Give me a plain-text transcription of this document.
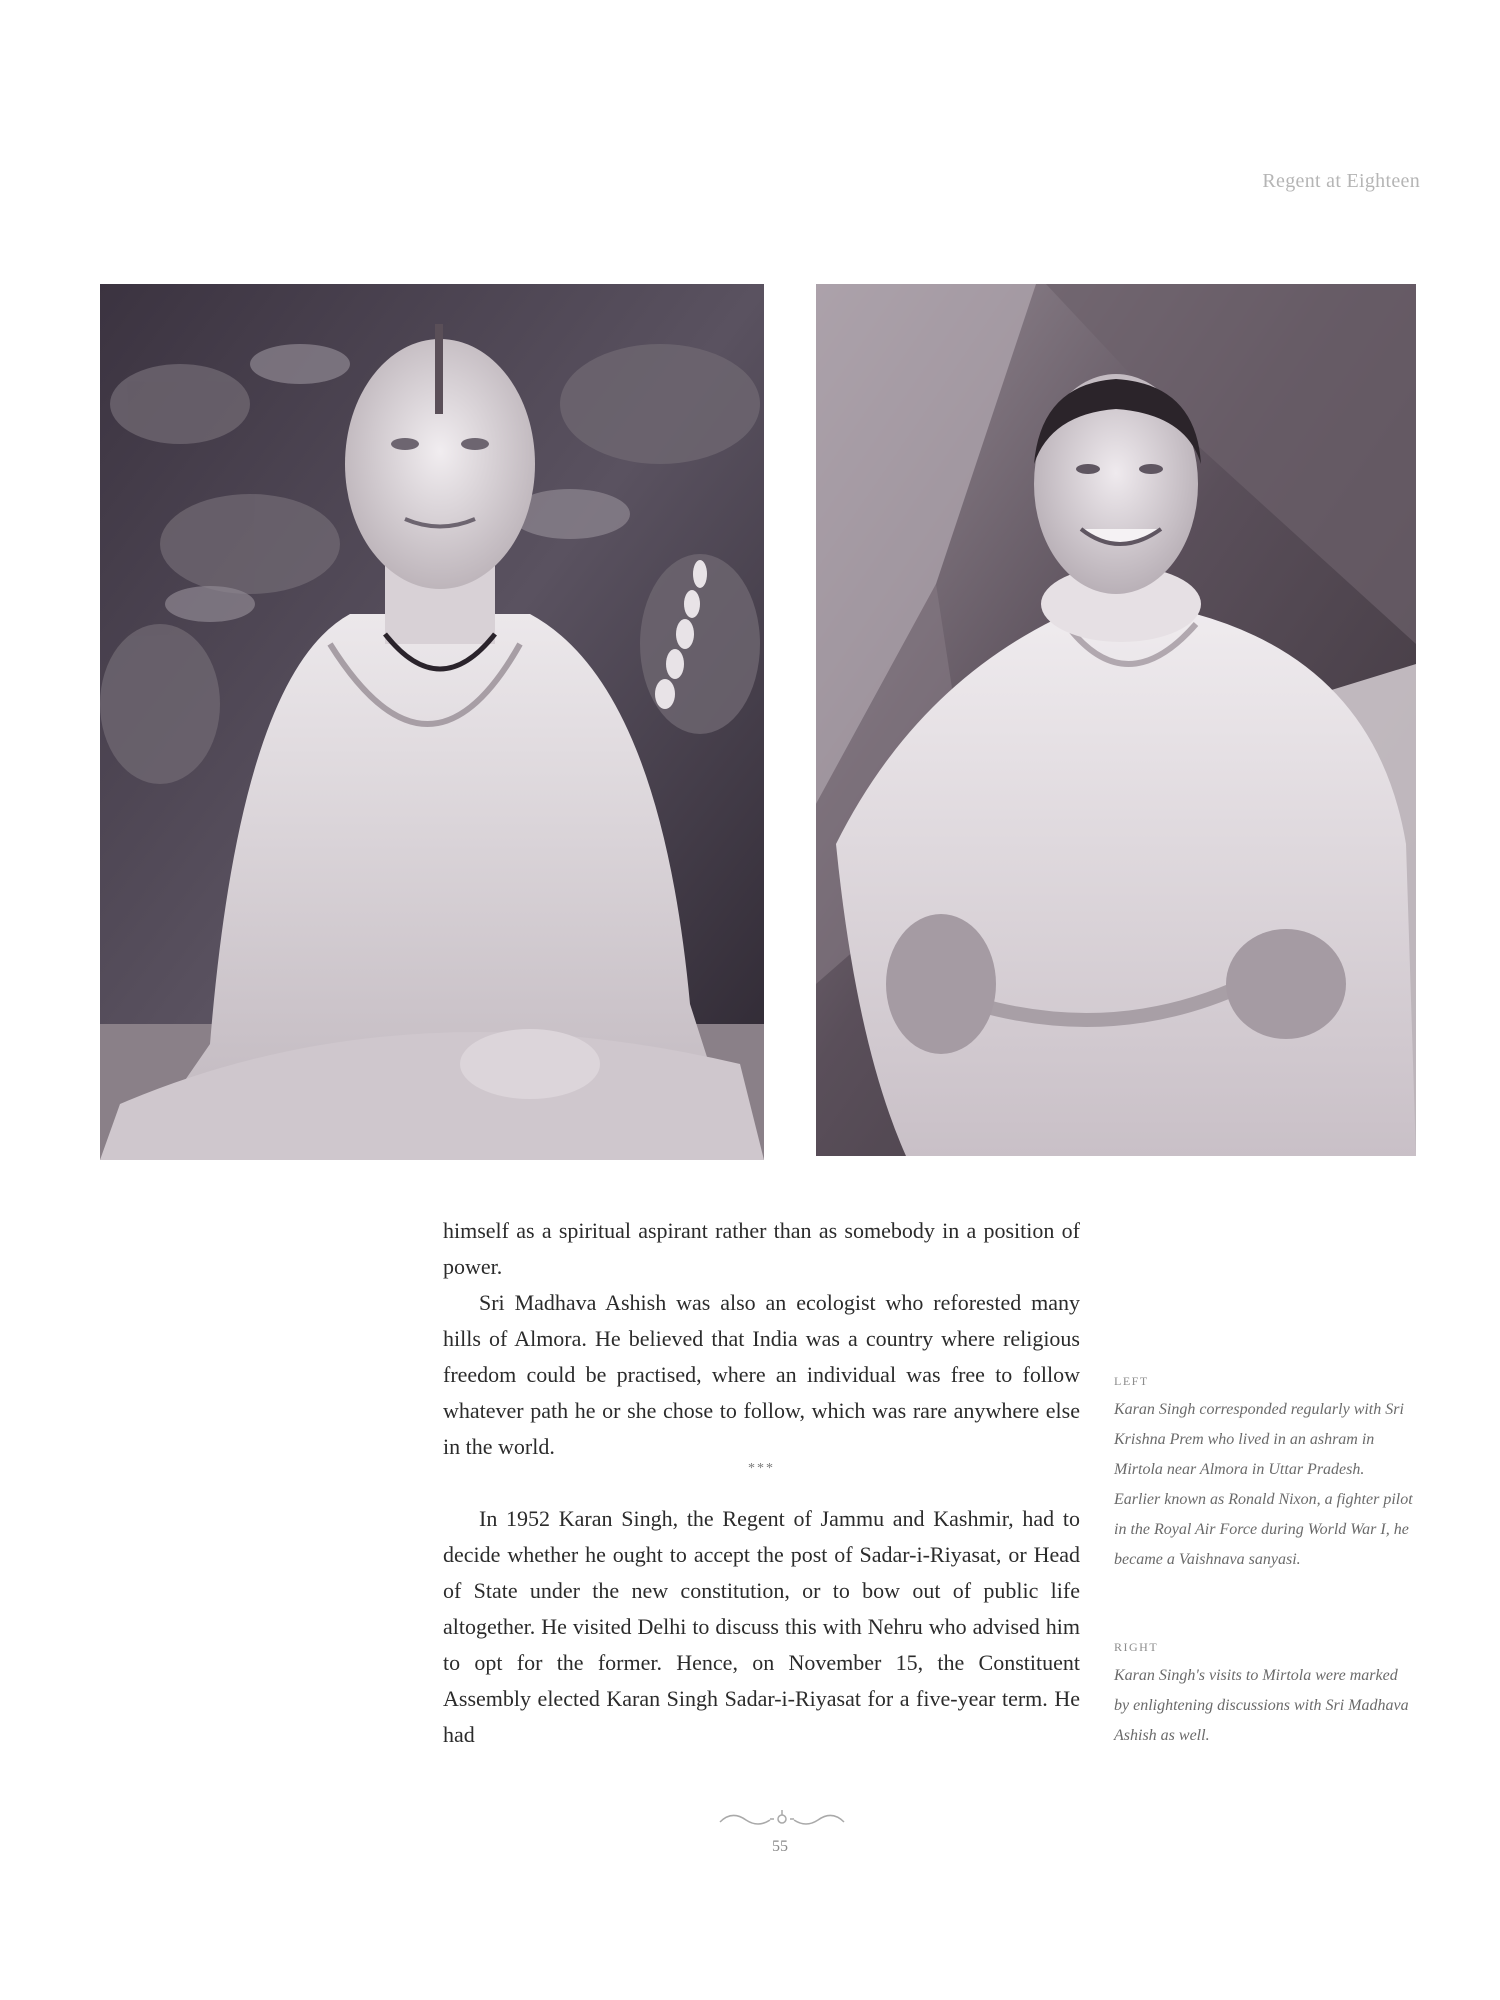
Regent at Eighteen

himself as a spiritual aspirant rather than as somebody in a position of power.

Sri Madhava Ashish was also an ecologist who reforested many hills of Almora. He believed that India was a country where religious freedom could be practised, where an individual was free to follow whatever path he or she chose to follow, which was rare anywhere else in the world.

***

In 1952 Karan Singh, the Regent of Jammu and Kashmir, had to decide whether he ought to accept the post of Sadar-i-Riyasat, or Head of State under the new constitution, or to bow out of public life altogether. He visited Delhi to discuss this with Nehru who advised him to opt for the former. Hence, on November 15, the Constituent Assembly elected Karan Singh Sadar-i-Riyasat for a five-year term. He had

LEFT
Karan Singh corresponded regularly with Sri Krishna Prem who lived in an ashram in Mirtola near Almora in Uttar Pradesh. Earlier known as Ronald Nixon, a fighter pilot in the Royal Air Force during World War I, he became a Vaishnava sanyasi.
RIGHT
Karan Singh's visits to Mirtola were marked by enlightening discussions with Sri Madhava Ashish as well.
55
